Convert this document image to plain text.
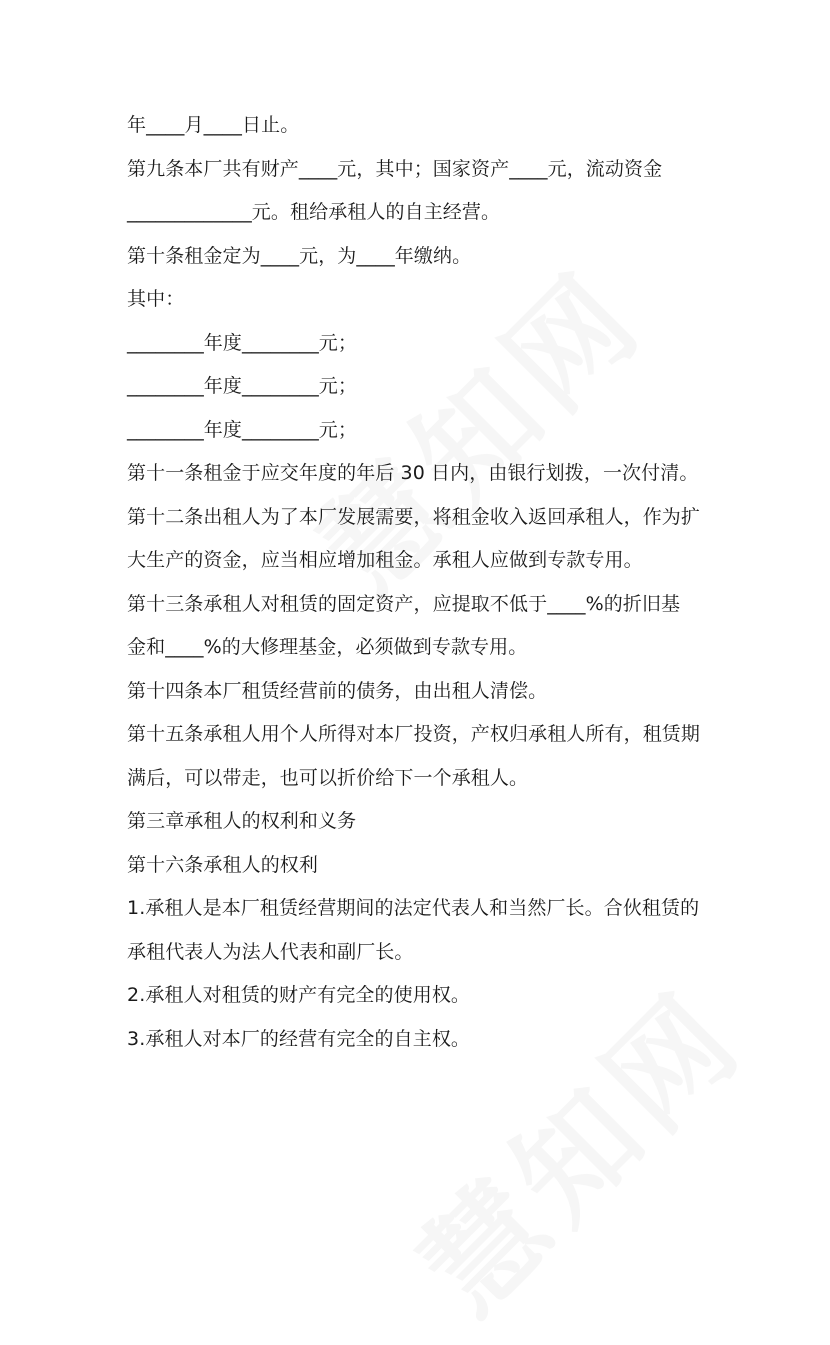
年____月____日止。
第九条本厂共有财产____元，其中；国家资产____元，流动资金
_____________元。租给承租人的自主经营。
第十条租金定为____元，为____年缴纳。
其中：
________年度________元；
________年度________元；
________年度________元；
第十一条租金于应交年度的年后 30 日内，由银行划拨，一次付清。
第十二条出租人为了本厂发展需要，将租金收入返回承租人，作为扩
大生产的资金，应当相应增加租金。承租人应做到专款专用。
第十三条承租人对租赁的固定资产，应提取不低于____%的折旧基
金和____%的大修理基金，必须做到专款专用。
第十四条本厂租赁经营前的债务，由出租人清偿。
第十五条承租人用个人所得对本厂投资，产权归承租人所有，租赁期
满后，可以带走，也可以折价给下一个承租人。
第三章承租人的权利和义务
第十六条承租人的权利
1.承租人是本厂租赁经营期间的法定代表人和当然厂长。合伙租赁的
承租代表人为法人代表和副厂长。
2.承租人对租赁的财产有完全的使用权。
3.承租人对本厂的经营有完全的自主权。
